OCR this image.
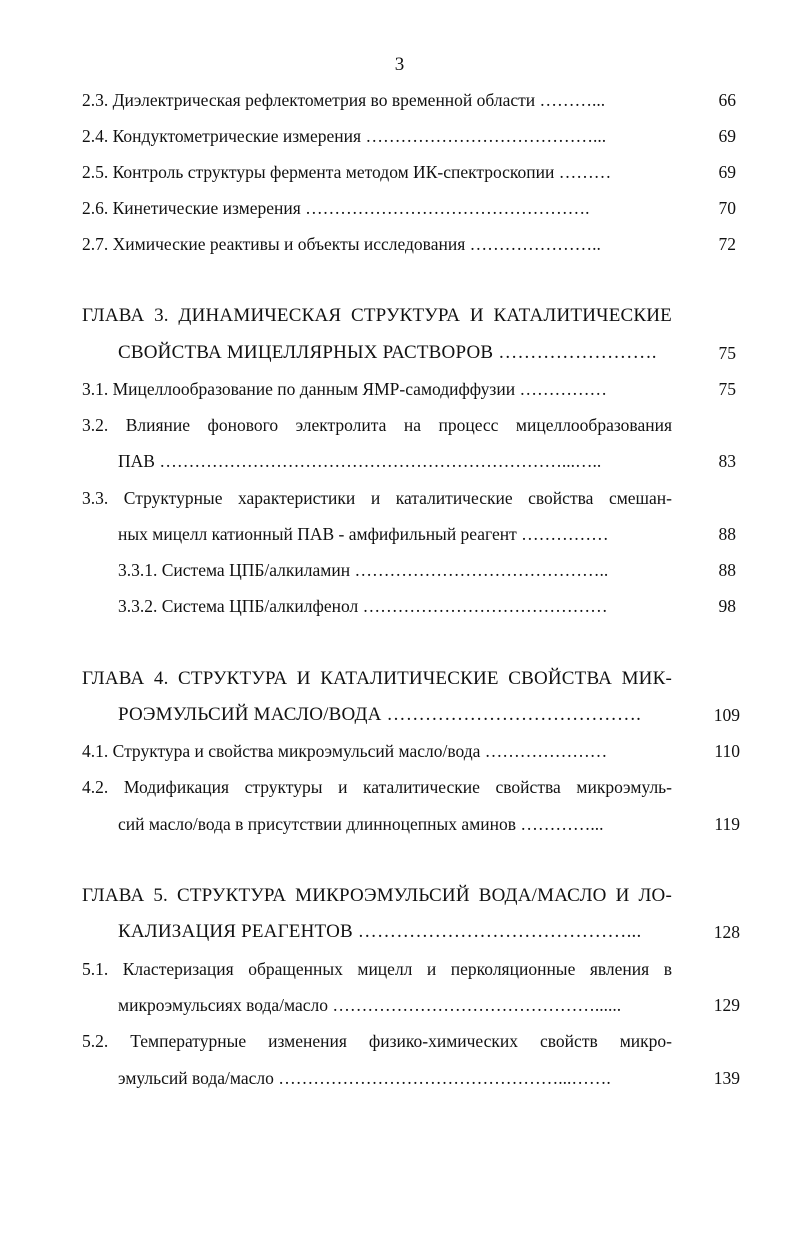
3
2.3. Диэлектрическая рефлектометрия во временной области ………...	66
2.4. Кондуктометрические измерения …………………………………...	69
2.5. Контроль структуры фермента методом ИК-спектроскопии ………	69
2.6. Кинетические измерения ………………………………………….	70
2.7. Химические реактивы и объекты исследования …………………..	72
ГЛАВА 3. ДИНАМИЧЕСКАЯ СТРУКТУРА И КАТАЛИТИЧЕСКИЕ
СВОЙСТВА МИЦЕЛЛЯРНЫХ РАСТВОРОВ …………………….	75
3.1. Мицеллообразование по данным ЯМР-самодиффузии ……………	75
3.2. Влияние фонового электролита на процесс мицеллообразования
ПАВ ……………………………………………………………...…..	83
3.3. Структурные характеристики и каталитические свойства смешан-
ных мицелл катионный ПАВ - амфифильный реагент ……………	88
3.3.1. Система ЦПБ/алкиламин ……………………………………..	88
3.3.2. Система ЦПБ/алкилфенол ……………………………………	98
ГЛАВА 4. СТРУКТУРА И КАТАЛИТИЧЕСКИЕ СВОЙСТВА МИК-
РОЭМУЛЬСИЙ МАСЛО/ВОДА ………………………………….	109
4.1. Структура и свойства микроэмульсий масло/вода …………………	110
4.2. Модификация структуры и каталитические свойства микроэмуль-
сий масло/вода в присутствии длинноцепных аминов …………...	119
ГЛАВА 5. СТРУКТУРА МИКРОЭМУЛЬСИЙ ВОДА/МАСЛО И ЛО-
КАЛИЗАЦИЯ РЕАГЕНТОВ ……………………………………...	128
5.1. Кластеризация обращенных мицелл и перколяционные явления в
микроэмульсиях вода/масло ………………………………………......	129
5.2. Температурные изменения физико-химических свойств микро-
эмульсий вода/масло …………………………………………...…….	139
